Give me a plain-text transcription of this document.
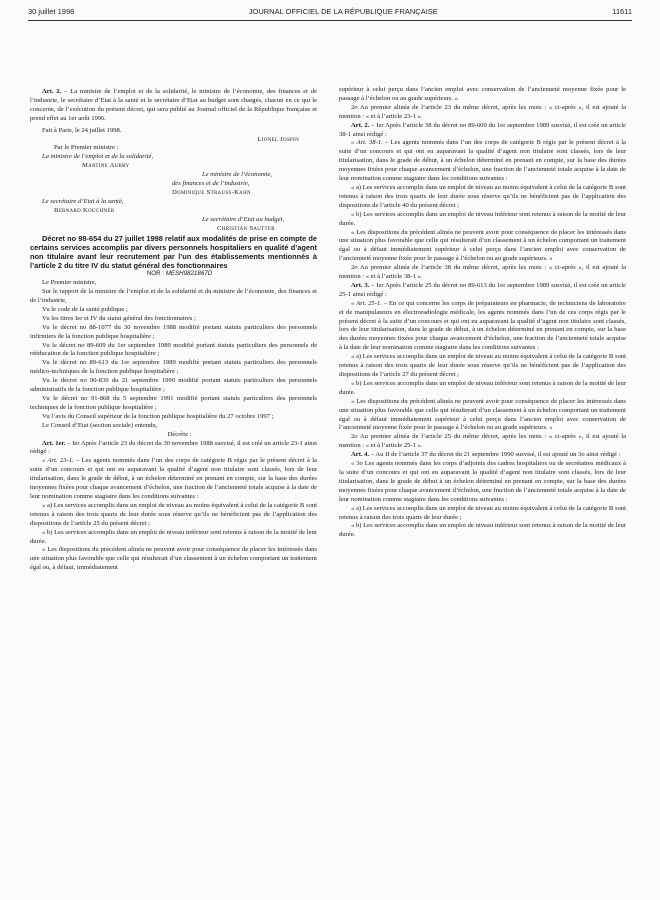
30 juillet 1998	JOURNAL OFFICIEL DE LA RÉPUBLIQUE FRANÇAISE	11611

Art. 2. – La ministre de l’emploi et de la solidarité, le ministre de l’économie, des finances et de l’industrie, le secrétaire d’Etat à la santé et le secrétaire d’Etat au budget sont chargés, chacun en ce qui le concerne, de l’exécution du présent décret, qui sera publié au Journal officiel de la République française et prend effet au 1er août 1996.

Fait à Paris, le 24 juillet 1998.

Lionel Jospin

Par le Premier ministre :

La ministre de l’emploi et de la solidarité,

Martine Aubry

Le ministre de l’économie,

des finances et de l’industrie,

Dominique Strauss-Kahn

Le secrétaire d’Etat à la santé,

Bernard Kouchner

Le secrétaire d’Etat au budget,

Christian Sautter

Décret no 98-654 du 27 juillet 1998 relatif aux modalités de prise en compte de certains services accomplis par divers personnels hospitaliers en qualité d’agent non titulaire avant leur recrutement par l’un des établissements mentionnés à l’article 2 du titre IV du statut général des fonctionnaires

NOR : MESH9821867D

Le Premier ministre,

Sur le rapport de la ministre de l’emploi et de la solidarité et du ministre de l’économie, des finances et de l’industrie,

Vu le code de la santé publique ;

Vu les titres Ier et IV du statut général des fonctionnaires ;

Vu le décret no 88-1077 du 30 novembre 1988 modifié portant statuts particuliers des personnels infirmiers de la fonction publique hospitalière ;

Vu le décret no 89-609 du 1er septembre 1989 modifié portant statuts particuliers des personnels de rééducation de la fonction publique hospitalière ;

Vu le décret no 89-613 du 1er septembre 1989 modifié portant statuts particuliers des personnels médico-techniques de la fonction publique hospitalière ;

Vu le décret no 90-839 du 21 septembre 1990 modifié portant statuts particuliers des personnels administratifs de la fonction publique hospitalière ;

Vu le décret no 91-868 du 5 septembre 1991 modifié portant statuts particuliers des personnels techniques de la fonction publique hospitalière ;

Vu l’avis du Conseil supérieur de la fonction publique hospitalière du 27 octobre 1997 ;

Le Conseil d’Etat (section sociale) entendu,

Décrète :

Art. 1er. – Ier Après l’article 23 du décret du 30 novembre 1988 susvisé, il est créé un article 23-1 ainsi rédigé :

« Art. 23-1. – Les agents nommés dans l’un des corps de catégorie B régis par le présent décret à la suite d’un concours et qui ont eu auparavant la qualité d’agent non titulaire sont classés, lors de leur titularisation, dans le grade de début, à un échelon déterminé en prenant en compte, sur la base des durées moyennes fixées pour chaque avancement d’échelon, une fraction de l’ancienneté totale acquise à la date de leur nomination comme stagiaire dans les conditions suivantes :

« a) Les services accomplis dans un emploi de niveau au moins équivalent à celui de la catégorie B sont retenus à raison des trois quarts de leur durée sous réserve qu’ils ne bénéficient pas de l’application des dispositions de l’article 25 du présent décret ;

« b) Les services accomplis dans un emploi de niveau inférieur sont retenus à raison de la moitié de leur durée.

« Les dispositions du précédent alinéa ne peuvent avoir pour conséquence de placer les intéressés dans une situation plus favorable que celle qui résulterait d’un classement à un échelon comportant un traitement égal ou, à défaut, immédiatement

supérieur à celui perçu dans l’ancien emploi avec conservation de l’ancienneté moyenne fixée pour le passage à l’échelon ou au grade supérieurs. »

2o Au premier alinéa de l’article 23 du même décret, après les mots : « ci-après », il est ajouté la mention : « et à l’article 23-1 ».

Art. 2. – Ier Après l’article 38 du décret no 89-609 du 1er septembre 1989 susvisé, il est créé un article 38-1 ainsi rédigé :

« Art. 38-1. – Les agents nommés dans l’un des corps de catégorie B régis par le présent décret à la suite d’un concours et qui ont eu auparavant la qualité d’agent non titulaire sont classés, lors de leur titularisation, dans le grade de début, à un échelon déterminé en prenant en compte, sur la base des durées moyennes fixées pour chaque avancement d’échelon, une fraction de l’ancienneté totale acquise à la date de leur nomination comme stagiaire dans les conditions suivantes :

« a) Les services accomplis dans un emploi de niveau au moins équivalent à celui de la catégorie B sont retenus à raison des trois quarts de leur durée sous réserve qu’ils ne bénéficient pas de l’application des dispositions de l’article 40 du présent décret ;

« b) Les services accomplis dans un emploi de niveau inférieur sont retenus à raison de la moitié de leur durée.

« Les dispositions du précédent alinéa ne peuvent avoir pour conséquence de placer les intéressés dans une situation plus favorable que celle qui résulterait d’un classement à un échelon comportant un traitement égal ou à défaut immédiatement supérieur à celui perçu dans l’ancien emploi avec conservation de l’ancienneté moyenne fixée pour le passage à l’échelon ou au grade supérieurs. »

2o Au premier alinéa de l’article 38 du même décret, après les mots : « ci-après », il est ajouté la mention : « et à l’article 38-1 ».

Art. 3. – Ier Après l’article 25 du décret no 89-613 du 1er septembre 1989 susvisé, il est créé un article 25-1 ainsi rédigé :

« Art. 25-1. – En ce qui concerne les corps de préparateurs en pharmacie, de techniciens de laboratoire et de manipulateurs en électroradiologie médicale, les agents nommés dans l’un de ces corps régis par le présent décret à la suite d’un concours et qui ont eu auparavant la qualité d’agent non titulaire sont classés, lors de leur titularisation, dans le grade de début, à un échelon déterminé en prenant en compte, sur la base des durées moyennes fixées pour chaque avancement d’échelon, une fraction de l’ancienneté totale acquise à la date de leur nomination comme stagiaire dans les conditions suivantes :

« a) Les services accomplis dans un emploi de niveau au moins équivalent à celui de la catégorie B sont retenus à raison des trois quarts de leur durée sous réserve qu’ils ne bénéficient pas de l’application des dispositions de l’article 27 du présent décret ;

« b) Les services accomplis dans un emploi de niveau inférieur sont retenus à raison de la moitié de leur durée.

« Les dispositions du précédent alinéa ne peuvent avoir pour conséquence de placer les intéressés dans une situation plus favorable que celle qui résulterait d’un classement à un échelon comportant un traitement égal ou à défaut immédiatement supérieur à celui perçu dans l’ancien emploi avec conservation de l’ancienneté moyenne fixée pour le passage à l’échelon ou au grade supérieurs. »

2o Au premier alinéa de l’article 25 du même décret, après les mots : « ci-après », il est ajouté la mention : « et à l’article 25-1 ».

Art. 4. – Au II de l’article 37 du décret du 21 septembre 1990 susvisé, il est ajouté un 3o ainsi rédigé :

« 3o Les agents nommés dans les corps d’adjoints des cadres hospitaliers ou de secrétaires médicaux à la suite d’un concours et qui ont eu auparavant la qualité d’agent non titulaire sont classés, lors de leur titularisation, dans le grade de début à un échelon déterminé en prenant en compte, sur la base des durées moyennes fixées pour chaque avancement d’échelon, une fraction de l’ancienneté totale acquise à la date de leur nomination comme stagiaire dans les conditions suivantes :

« a) Les services accomplis dans un emploi de niveau au moins équivalent à celui de la catégorie B sont retenus à raison des trois quarts de leur durée ;

« b) Les services accomplis dans un emploi de niveau inférieur sont retenus à raison de la moitié de leur durée.
